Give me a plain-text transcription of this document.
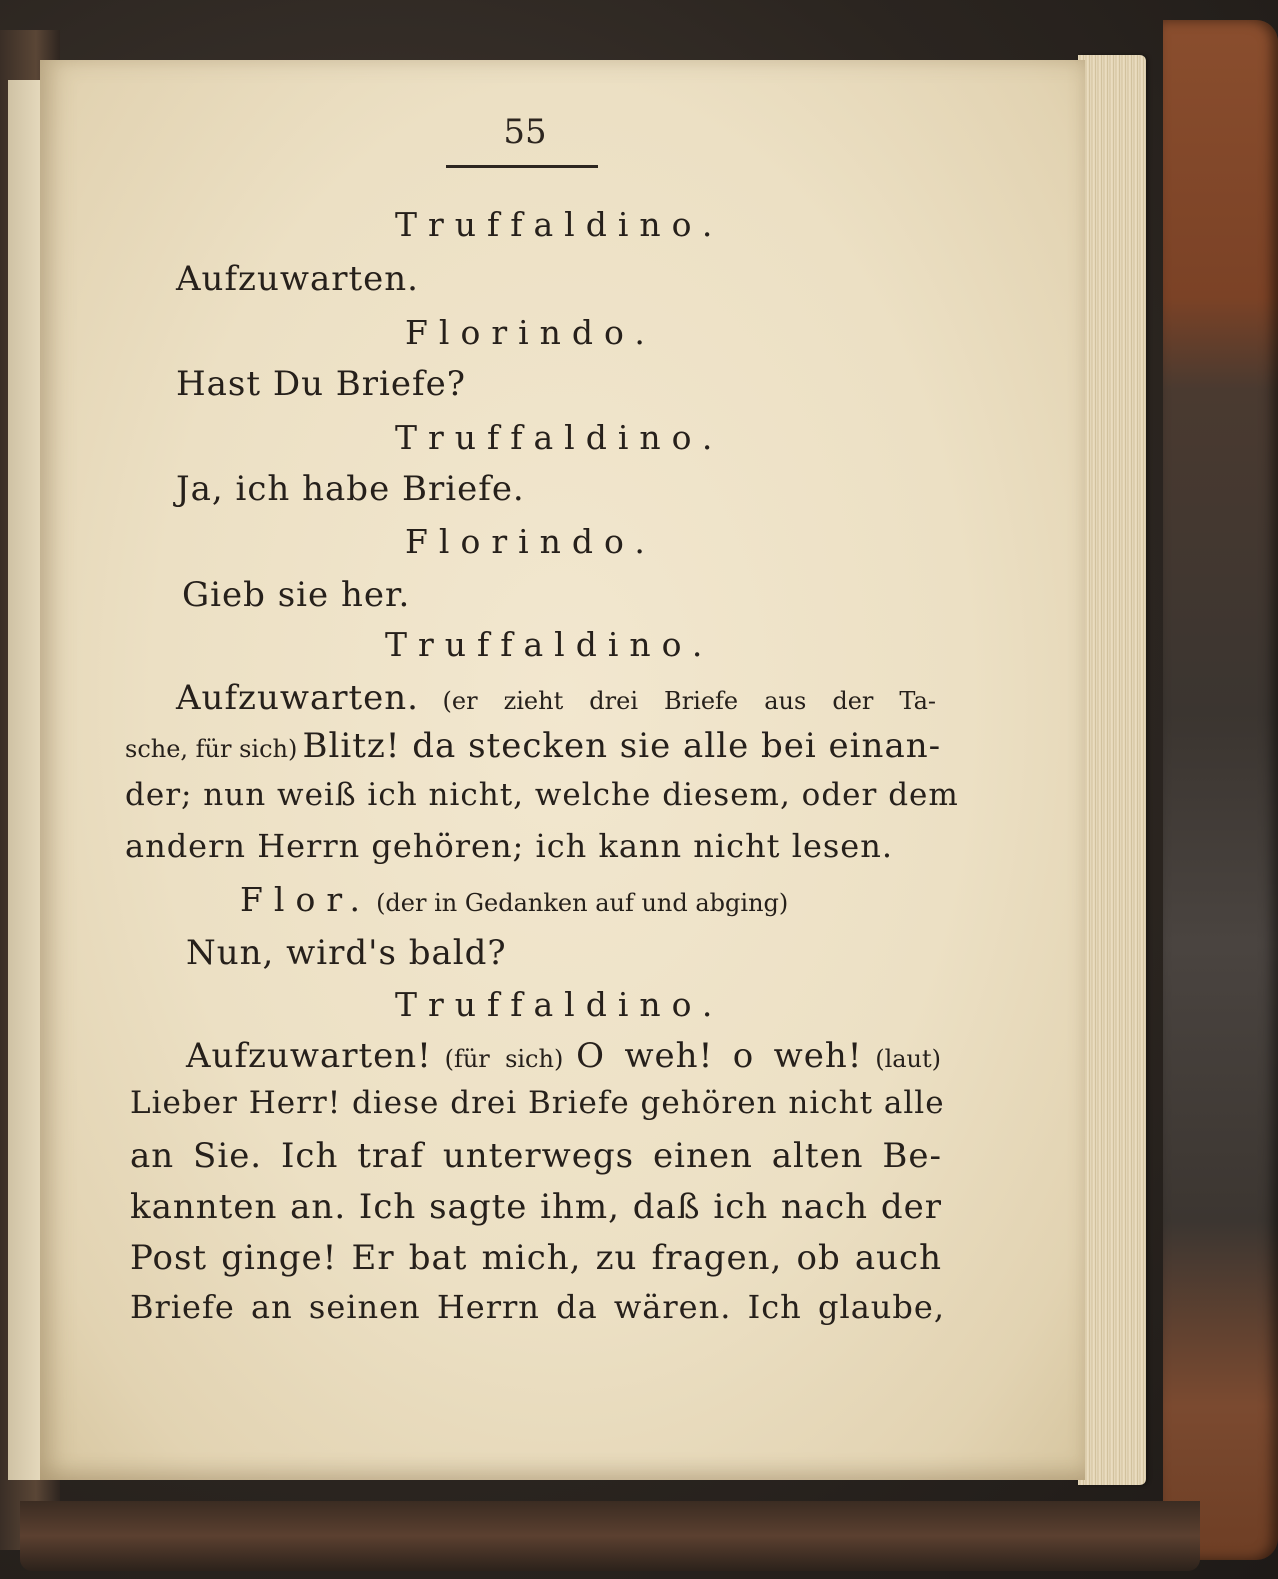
55
Truffaldino.
Aufzuwarten.
Florindo.
Hast Du Briefe?
Truffaldino.
Ja, ich habe Briefe.
Florindo.
Gieb sie her.
Truffaldino.
Aufzuwarten. (er zieht drei Briefe aus der Ta-
sche, für sich) Blitz! da stecken sie alle bei einan-
der; nun weiß ich nicht, welche diesem, oder dem
andern Herrn gehören; ich kann nicht lesen.
Flor. (der in Gedanken auf und abging)
Nun, wird's bald?
Truffaldino.
Aufzuwarten! (für sich) O weh! o weh! (laut)
Lieber Herr! diese drei Briefe gehören nicht alle
an Sie. Ich traf unterwegs einen alten Be-
kannten an. Ich sagte ihm, daß ich nach der
Post ginge! Er bat mich, zu fragen, ob auch
Briefe an seinen Herrn da wären. Ich glaube,
